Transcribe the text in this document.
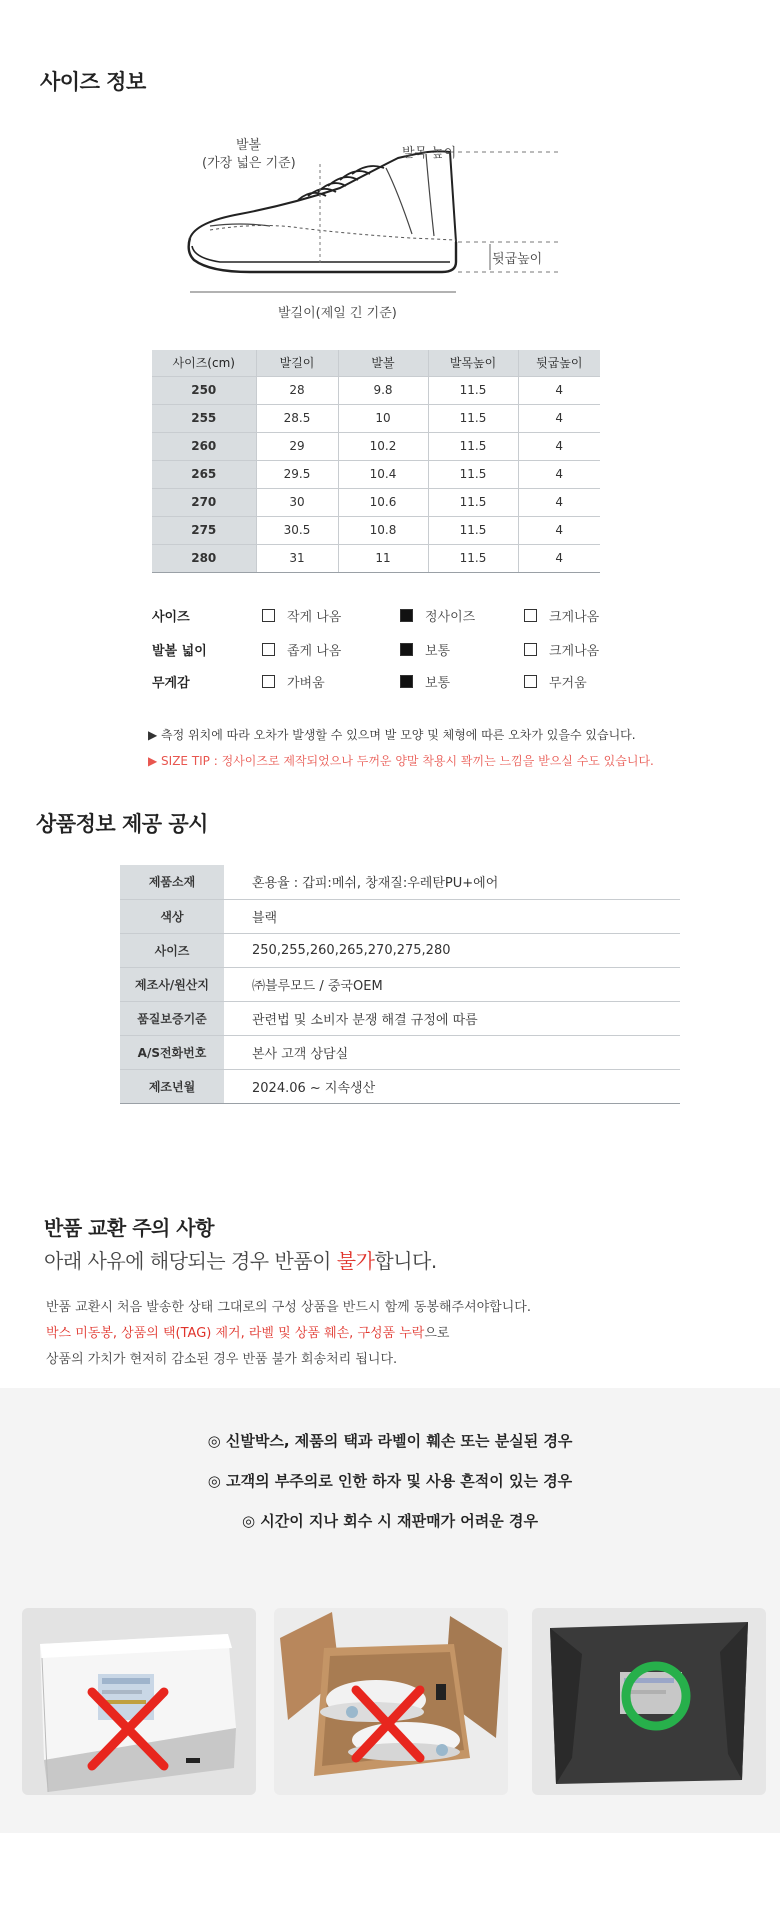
사이즈 정보
발볼
(가장 넓은 기준)
발목 높이
뒷굽높이
발길이(제일 긴 기준)
사이즈(cm)	발길이	발볼	발목높이	뒷굽높이
250	28	9.8	11.5	4
255	28.5	10	11.5	4
260	29	10.2	11.5	4
265	29.5	10.4	11.5	4
270	30	10.6	11.5	4
275	30.5	10.8	11.5	4
280	31	11	11.5	4
사이즈	작게 나옴	정사이즈	크게나옴
발볼 넓이	좁게 나옴	보통	크게나옴
무게감	가벼움	보통	무거움
▶ 측정 위치에 따라 오차가 발생할 수 있으며 발 모양 및 체형에 따른 오차가 있을수 있습니다.
▶ SIZE TIP : 정사이즈로 제작되었으나 두꺼운 양말 착용시 꽉끼는 느낌을 받으실 수도 있습니다.
상품정보 제공 공시
제품소재	혼용율 : 갑피:메쉬, 창재질:우레탄PU+에어
색상	블랙
사이즈	250,255,260,265,270,275,280
제조사/원산지	㈜블루모드 / 중국OEM
품질보증기준	관련법 및 소비자 분쟁 해결 규정에 따름
A/S전화번호	본사 고객 상담실
제조년월	2024.06 ~ 지속생산
반품 교환 주의 사항
아래 사유에 해당되는 경우 반품이 불가합니다.
반품 교환시 처음 발송한 상태 그대로의 구성 상품을 반드시 함께 동봉해주셔야합니다.
박스 미동봉, 상품의 택(TAG) 제거, 라벨 및 상품 훼손, 구성품 누락으로
상품의 가치가 현저히 감소된 경우 반품 불가 회송처리 됩니다.
◎ 신발박스, 제품의 택과 라벨이 훼손 또는 분실된 경우
◎ 고객의 부주의로 인한 하자 및 사용 흔적이 있는 경우
◎ 시간이 지나 회수 시 재판매가 어려운 경우
